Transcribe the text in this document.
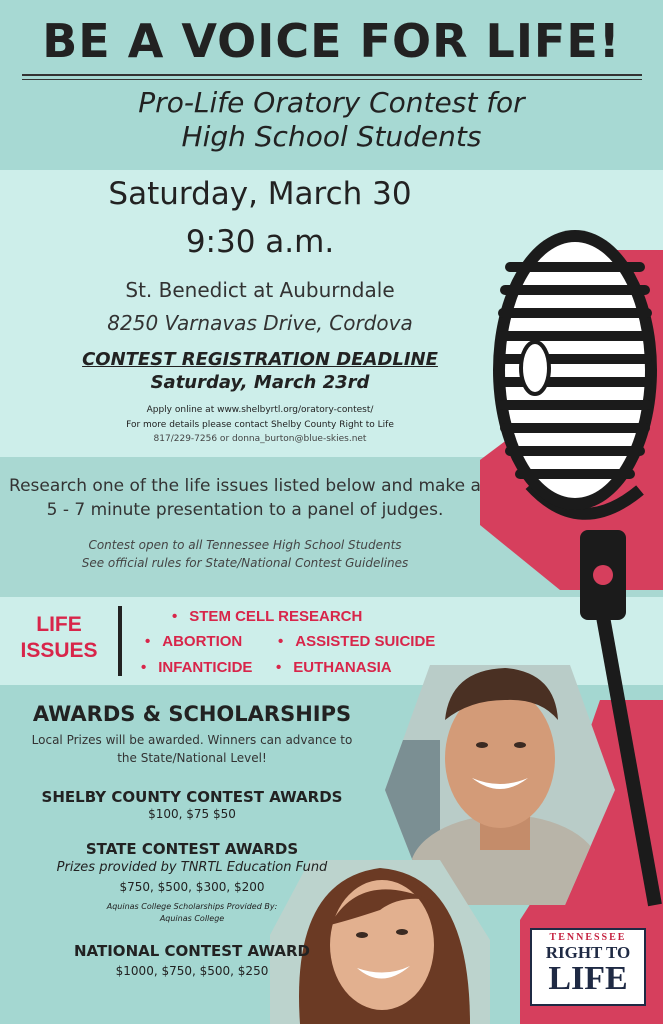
BE A VOICE FOR LIFE!
Pro-Life Oratory Contest for
High School Students
Saturday, March 30
9:30 a.m.
St. Benedict at Auburndale
8250 Varnavas Drive, Cordova
CONTEST REGISTRATION DEADLINE
Saturday, March 23rd
Apply online at www.shelbyrtl.org/oratory-contest/
For more details please contact Shelby County Right to Life
817/229-7256 or donna_burton@blue-skies.net
Research one of the life issues listed below and make a
5 - 7 minute presentation to a panel of judges.
Contest open to all Tennessee High School Students
See official rules for State/National Contest Guidelines
LIFE
ISSUES
• STEM CELL RESEARCH
• ABORTION	• ASSISTED SUICIDE
• INFANTICIDE	• EUTHANASIA
AWARDS & SCHOLARSHIPS
Local Prizes will be awarded. Winners can advance to
the State/National Level!
SHELBY COUNTY CONTEST AWARDS
$100, $75 $50
STATE CONTEST AWARDS
Prizes provided by TNRTL Education Fund
$750, $500, $300, $200
Aquinas College Scholarships Provided By:
Aquinas College
NATIONAL CONTEST AWARD
$1000, $750, $500, $250
TENNESSEE
RIGHT TO
LIFE
